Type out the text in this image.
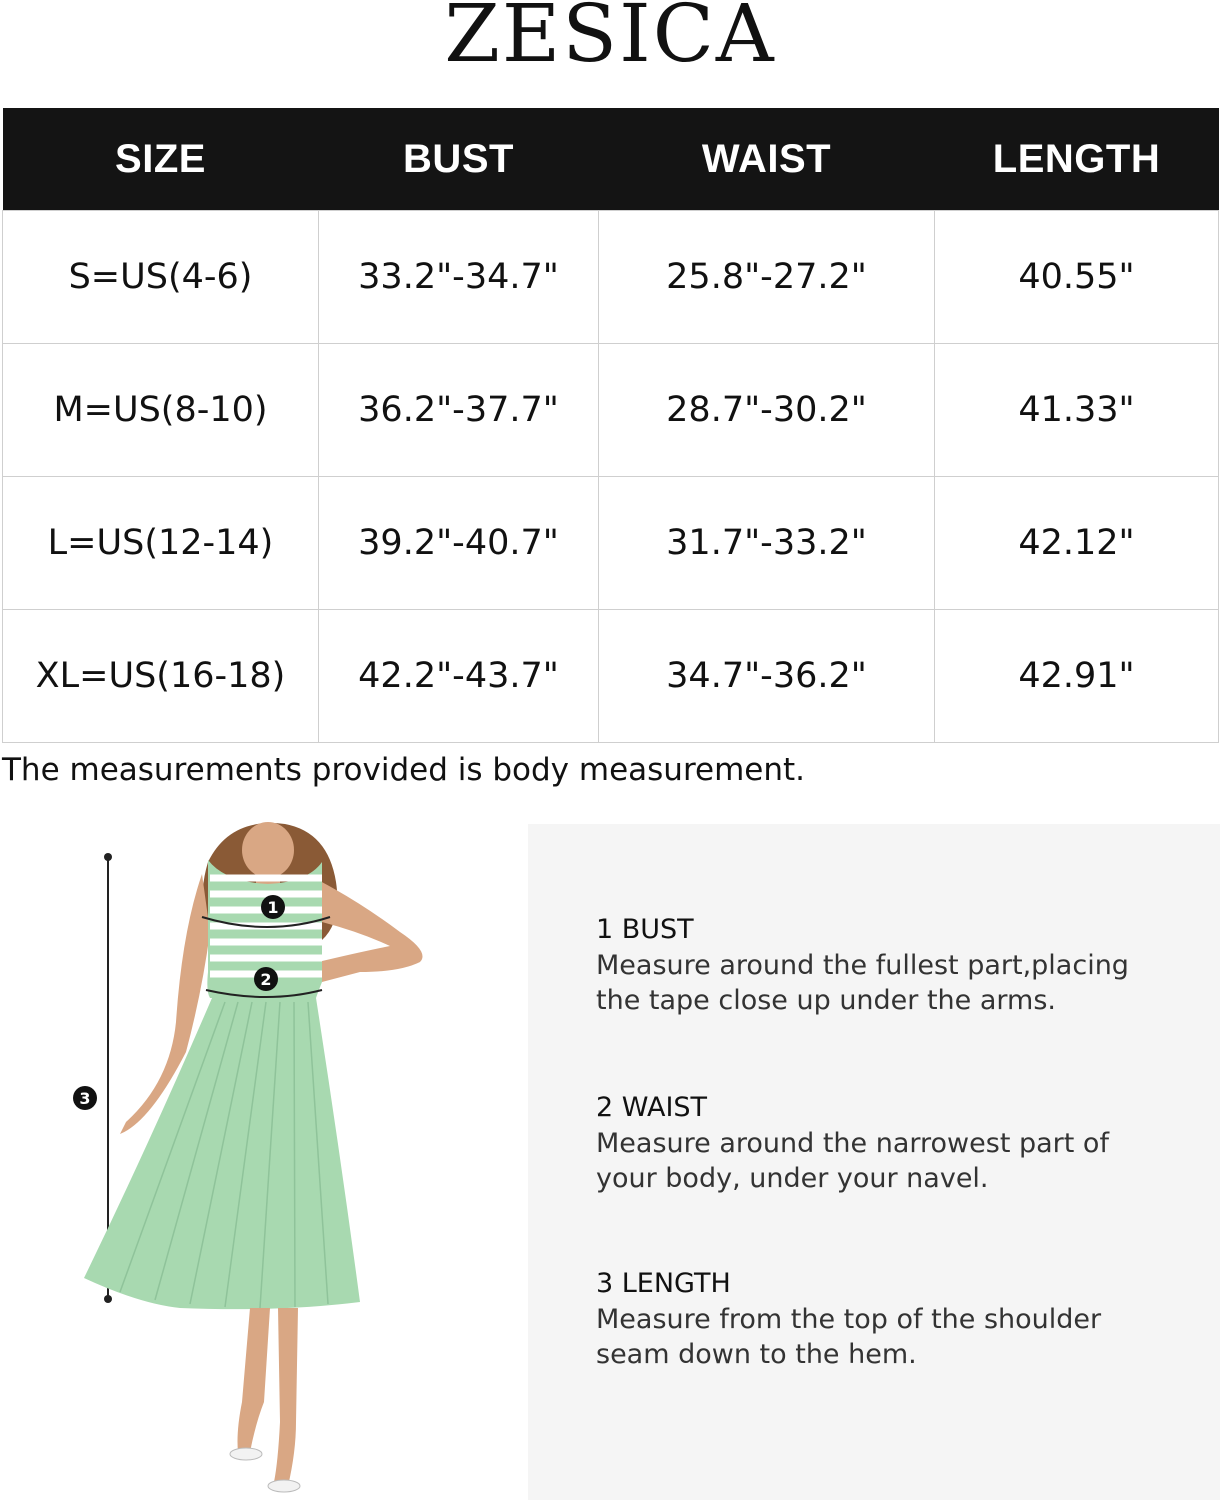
ZESICA
SIZE	BUST	WAIST	LENGTH
S=US(4-6)	33.2"-34.7"	25.8"-27.2"	40.55"
M=US(8-10)	36.2"-37.7"	28.7"-30.2"	41.33"
L=US(12-14)	39.2"-40.7"	31.7"-33.2"	42.12"
XL=US(16-18)	42.2"-43.7"	34.7"-36.2"	42.91"
The measurements provided is body measurement.
1
2
3
1 BUST
Measure around the fullest part,placing
the tape close up under the arms.
2 WAIST
Measure around the narrowest part of
your body, under your navel.
3 LENGTH
Measure from the top of the shoulder
seam down to the hem.
